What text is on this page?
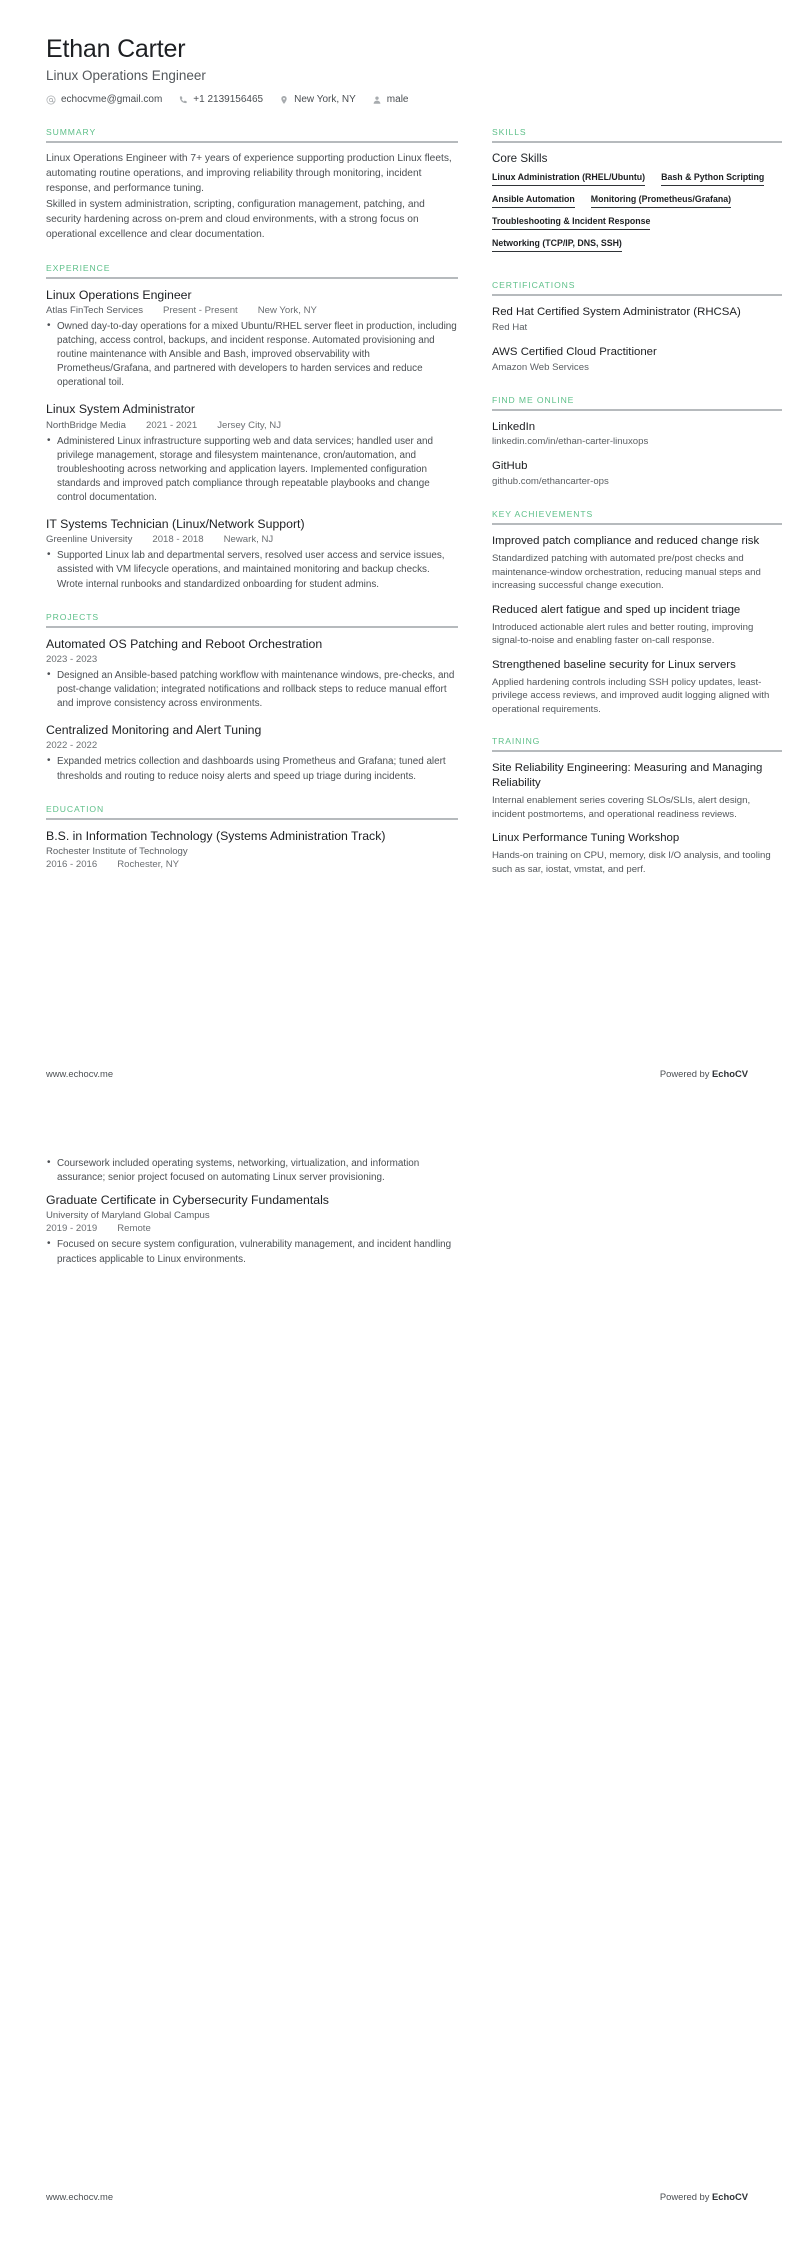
Ethan Carter
Linux Operations Engineer
echocvme@gmail.com	+1 2139156465	New York, NY	male
SUMMARY
Linux Operations Engineer with 7+ years of experience supporting production Linux fleets, automating routine operations, and improving reliability through monitoring, incident response, and performance tuning.
Skilled in system administration, scripting, configuration management, patching, and security hardening across on-prem and cloud environments, with a strong focus on operational excellence and clear documentation.
EXPERIENCE
Linux Operations Engineer
Atlas FinTech Services Present - Present New York, NY
• Owned day-to-day operations for a mixed Ubuntu/RHEL server fleet in production, including patching, access control, backups, and incident response. Automated provisioning and routine maintenance with Ansible and Bash, improved observability with Prometheus/Grafana, and partnered with developers to harden services and reduce operational toil.
Linux System Administrator
NorthBridge Media 2021 - 2021 Jersey City, NJ
• Administered Linux infrastructure supporting web and data services; handled user and privilege management, storage and filesystem maintenance, cron/automation, and troubleshooting across networking and application layers. Implemented configuration standards and improved patch compliance through repeatable playbooks and change control documentation.
IT Systems Technician (Linux/Network Support)
Greenline University 2018 - 2018 Newark, NJ
• Supported Linux lab and departmental servers, resolved user access and service issues, assisted with VM lifecycle operations, and maintained monitoring and backup checks. Wrote internal runbooks and standardized onboarding for student admins.
PROJECTS
Automated OS Patching and Reboot Orchestration
2023 - 2023
• Designed an Ansible-based patching workflow with maintenance windows, pre-checks, and post-change validation; integrated notifications and rollback steps to reduce manual effort and improve consistency across environments.
Centralized Monitoring and Alert Tuning
2022 - 2022
• Expanded metrics collection and dashboards using Prometheus and Grafana; tuned alert thresholds and routing to reduce noisy alerts and speed up triage during incidents.
EDUCATION
B.S. in Information Technology (Systems Administration Track)
Rochester Institute of Technology
2016 - 2016 Rochester, NY
SKILLS
Core Skills
Linux Administration (RHEL/Ubuntu) Bash & Python Scripting
Ansible Automation Monitoring (Prometheus/Grafana)
Troubleshooting & Incident Response
Networking (TCP/IP, DNS, SSH)
CERTIFICATIONS
Red Hat Certified System Administrator (RHCSA)
Red Hat
AWS Certified Cloud Practitioner
Amazon Web Services
FIND ME ONLINE
LinkedIn
linkedin.com/in/ethan-carter-linuxops
GitHub
github.com/ethancarter-ops
KEY ACHIEVEMENTS
Improved patch compliance and reduced change risk
Standardized patching with automated pre/post checks and maintenance-window orchestration, reducing manual steps and increasing successful change execution.
Reduced alert fatigue and sped up incident triage
Introduced actionable alert rules and better routing, improving signal-to-noise and enabling faster on-call response.
Strengthened baseline security for Linux servers
Applied hardening controls including SSH policy updates, least-privilege access reviews, and improved audit logging aligned with operational requirements.
TRAINING
Site Reliability Engineering: Measuring and Managing Reliability
Internal enablement series covering SLOs/SLIs, alert design, incident postmortems, and operational readiness reviews.
Linux Performance Tuning Workshop
Hands-on training on CPU, memory, disk I/O analysis, and tooling such as sar, iostat, vmstat, and perf.
www.echocv.me	Powered by EchoCV
• Coursework included operating systems, networking, virtualization, and information assurance; senior project focused on automating Linux server provisioning.
Graduate Certificate in Cybersecurity Fundamentals
University of Maryland Global Campus
2019 - 2019 Remote
• Focused on secure system configuration, vulnerability management, and incident handling practices applicable to Linux environments.
www.echocv.me	Powered by EchoCV
